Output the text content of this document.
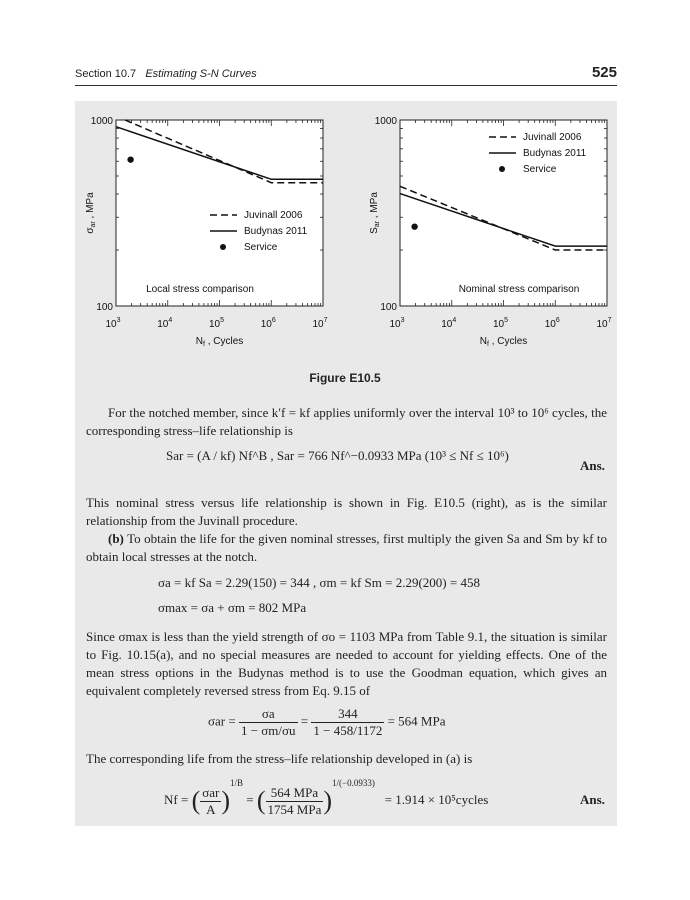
Section 10.7 Estimating S-N Curves	525
$10^3$	$10^4$	$10^5$	$10^6$	$10^7$
1000
100
$N_f$ , Cycles
$\sigma_{ar}$ , MPa	Juvinall 2006
Budynas 2011
Service
Local stress comparison
$10^3$	$10^4$	$10^5$	$10^6$	$10^7$
1000
100
$N_f$ , Cycles
$S_{ar}$ , MPa
Juvinall 2006
Budynas 2011
Service
Nominal stress comparison
Figure E10.5
For the notched member, since k′f = kf applies uniformly over the interval 10³ to 10⁶ cycles, the corresponding stress–life relationship is
Sar = (A / kf) Nf^B , Sar = 766 Nf^−0.0933 MPa (10³ ≤ Nf ≤ 10⁶)
Ans.
This nominal stress versus life relationship is shown in Fig. E10.5 (right), as is the similar relationship from the Juvinall procedure.
(b) To obtain the life for the given nominal stresses, first multiply the given Sa and Sm by kf to obtain local stresses at the notch.
σa = kf Sa = 2.29(150) = 344 , σm = kf Sm = 2.29(200) = 458
σmax = σa + σm = 802 MPa
Since σmax is less than the yield strength of σo = 1103 MPa from Table 9.1, the situation is similar to Fig. 10.15(a), and no special measures are needed to account for yielding effects. One of the mean stress options in the Budynas method is to use the Goodman equation, which gives an equivalent completely reversed stress from Eq. 9.15 of
$\sigma ar = \frac{\sigma a}{1 - \sigma m/\sigma u} = \frac{344}{1 - 458/1172} = 564$ MPa
The corresponding life from the stress–life relationship developed in (a) is
Nf = ( $\frac{\text{σar}}{A} )^{1/B}$ = ( $\frac{\text{564 MPa}}{\text{1754 MPa}} )^{1/(-0.0933)} = 1.914$ × 10⁵cycles	Ans.
